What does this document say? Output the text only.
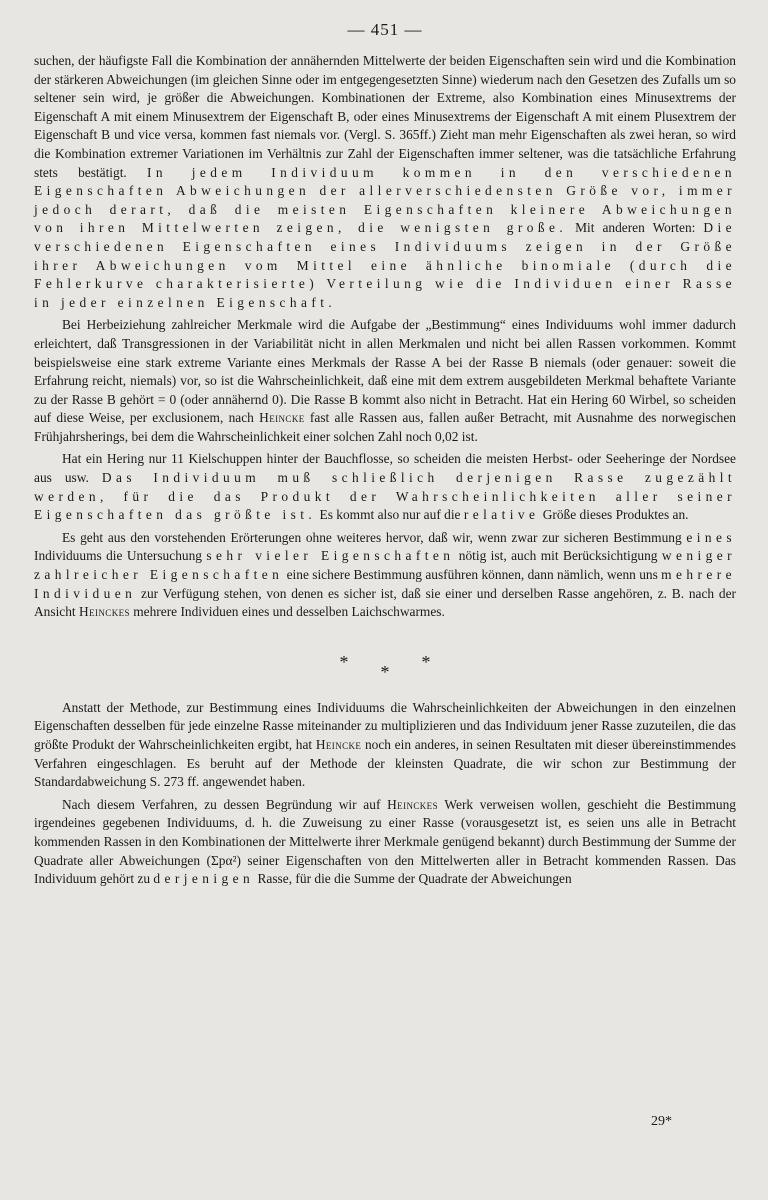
— 451 —

suchen, der häufigste Fall die Kombination der annähernden Mittelwerte der beiden Eigenschaften sein wird und die Kombination der stärkeren Abweichungen (im gleichen Sinne oder im entgegengesetzten Sinne) wiederum nach den Gesetzen des Zufalls um so seltener sein wird, je größer die Abweichungen. Kombinationen der Extreme, also Kombination eines Minusextrems der Eigenschaft A mit einem Minusextrem der Eigenschaft B, oder eines Minusextrems der Eigenschaft A mit einem Plusextrem der Eigenschaft B und vice versa, kommen fast niemals vor. (Vergl. S. 365ff.) Zieht man mehr Eigenschaften als zwei heran, so wird die Kombination extremer Variationen im Verhältnis zur Zahl der Eigenschaften immer seltener, was die tatsächliche Erfahrung stets bestätigt. In jedem Individuum kommen in den verschiedenen Eigenschaften Abweichungen der allerverschiedensten Größe vor, immer jedoch derart, daß die meisten Eigenschaften kleinere Abweichungen von ihren Mittelwerten zeigen, die wenigsten große. Mit anderen Worten: Die verschiedenen Eigenschaften eines Individuums zeigen in der Größe ihrer Abweichungen vom Mittel eine ähnliche binomiale (durch die Fehlerkurve charakterisierte) Verteilung wie die Individuen einer Rasse in jeder einzelnen Eigenschaft.

Bei Herbeiziehung zahlreicher Merkmale wird die Aufgabe der „Bestimmung“ eines Individuums wohl immer dadurch erleichtert, daß Transgressionen in der Variabilität nicht in allen Merkmalen und nicht bei allen Rassen vorkommen. Kommt beispielsweise eine stark extreme Variante eines Merkmals der Rasse A bei der Rasse B niemals (oder genauer: soweit die Erfahrung reicht, niemals) vor, so ist die Wahrscheinlichkeit, daß eine mit dem extrem ausgebildeten Merkmal behaftete Variante zu der Rasse B gehört = 0 (oder annähernd 0). Die Rasse B kommt also nicht in Betracht. Hat ein Hering 60 Wirbel, so scheiden auf diese Weise, per exclusionem, nach Heincke fast alle Rassen aus, fallen außer Betracht, mit Ausnahme des norwegischen Frühjahrsherings, bei dem die Wahrscheinlichkeit einer solchen Zahl noch 0,02 ist.

Hat ein Hering nur 11 Kielschuppen hinter der Bauchflosse, so scheiden die meisten Herbst- oder Seeheringe der Nordsee aus usw. Das Individuum muß schließlich derjenigen Rasse zugezählt werden, für die das Produkt der Wahrscheinlichkeiten aller seiner Eigenschaften das größte ist. Es kommt also nur auf die relative Größe dieses Produktes an.

Es geht aus den vorstehenden Erörterungen ohne weiteres hervor, daß wir, wenn zwar zur sicheren Bestimmung eines Individuums die Untersuchung sehr vieler Eigenschaften nötig ist, auch mit Berücksichtigung weniger zahlreicher Eigenschaften eine sichere Bestimmung ausführen können, dann nämlich, wenn uns mehrere Individuen zur Verfügung stehen, von denen es sicher ist, daß sie einer und derselben Rasse angehören, z. B. nach der Ansicht Heinckes mehrere Individuen eines und desselben Laichschwarmes.

* * *

Anstatt der Methode, zur Bestimmung eines Individuums die Wahrscheinlichkeiten der Abweichungen in den einzelnen Eigenschaften desselben für jede einzelne Rasse miteinander zu multiplizieren und das Individuum jener Rasse zuzuteilen, die das größte Produkt der Wahrscheinlichkeiten ergibt, hat Heincke noch ein anderes, in seinen Resultaten mit dieser übereinstimmendes Verfahren eingeschlagen. Es beruht auf der Methode der kleinsten Quadrate, die wir schon zur Bestimmung der Standardabweichung S. 273 ff. angewendet haben.

Nach diesem Verfahren, zu dessen Begründung wir auf Heinckes Werk verweisen wollen, geschieht die Bestimmung irgendeines gegebenen Individuums, d. h. die Zuweisung zu einer Rasse (vorausgesetzt ist, es seien uns alle in Betracht kommenden Rassen in den Kombinationen der Mittelwerte ihrer Merkmale genügend bekannt) durch Bestimmung der Summe der Quadrate aller Abweichungen (Σpα²) seiner Eigenschaften von den Mittelwerten aller in Betracht kommenden Rassen. Das Individuum gehört zu derjenigen Rasse, für die die Summe der Quadrate der Abweichungen

29*
